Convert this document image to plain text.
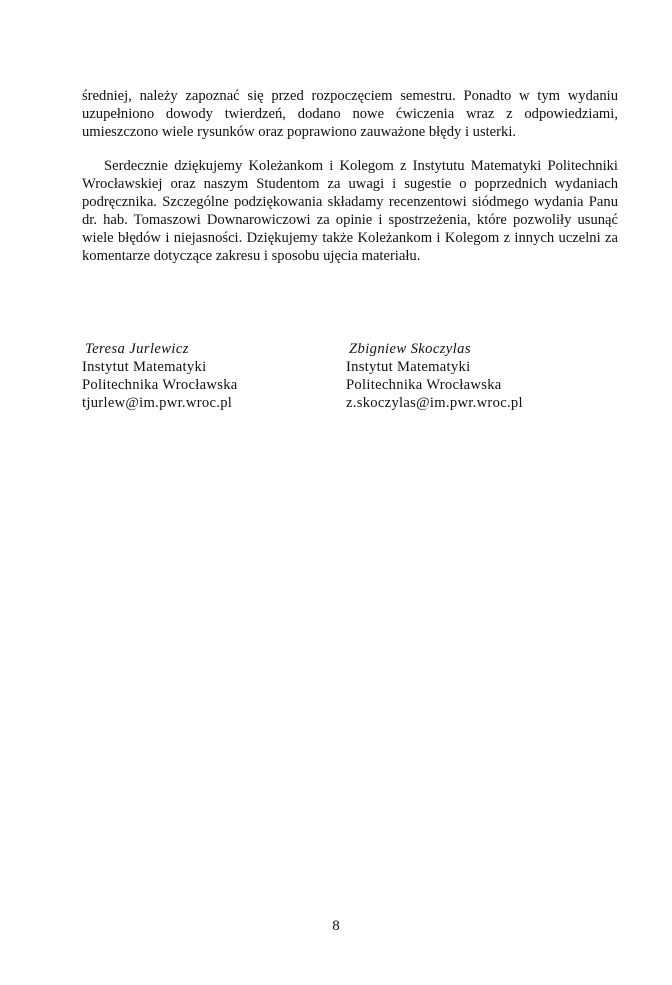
średniej, należy zapoznać się przed rozpoczęciem semestru. Ponadto w tym wydaniu uzupełniono dowody twierdzeń, dodano nowe ćwiczenia wraz z odpowiedziami, umieszczono wiele rysunków oraz poprawiono zauważone błędy i usterki.

Serdecznie dziękujemy Koleżankom i Kolegom z Instytutu Matematyki Politechniki Wrocławskiej oraz naszym Studentom za uwagi i sugestie o poprzednich wydaniach podręcznika. Szczególne podziękowania składamy recenzentowi siódmego wydania Panu dr. hab. Tomaszowi Downarowiczowi za opinie i spostrzeżenia, które pozwoliły usunąć wiele błędów i niejasności. Dziękujemy także Koleżankom i Kolegom z innych uczelni za komentarze dotyczące zakresu i sposobu ujęcia materiału.

Teresa Jurlewicz
Instytut Matematyki
Politechnika Wrocławska
tjurlew@im.pwr.wroc.pl
Zbigniew Skoczylas
Instytut Matematyki
Politechnika Wrocławska
z.skoczylas@im.pwr.wroc.pl
8
